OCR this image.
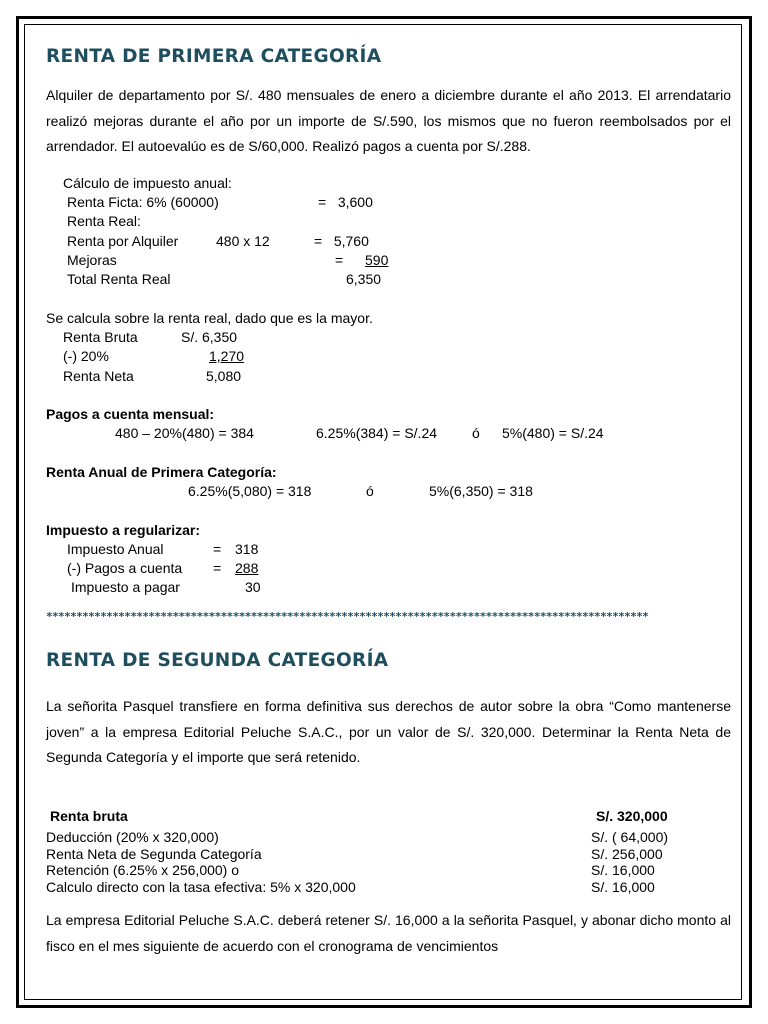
RENTA DE PRIMERA CATEGORÍA
Alquiler de departamento por S/. 480 mensuales de enero a diciembre durante el año 2013. El arrendatario realizó mejoras durante el año por un importe de S/.590, los mismos que no fueron reembolsados por el arrendador. El autoevalúo es de S/60,000. Realizó pagos a cuenta por S/.288.
Cálculo de impuesto anual:
Renta Ficta: 6% (60000)	=   3,600
Renta Real:
Renta por Alquiler	480 x 12	=   5,760
Mejoras	=	590
Total Renta Real	6,350
Se calcula sobre la renta real, dado que es la mayor.
Renta Bruta	S/. 6,350
(-) 20%	1,270
Renta Neta	5,080
Pagos a cuenta mensual:
480 – 20%(480) = 384	6.25%(384) = S/.24 ó 5%(480) = S/.24
Renta Anual de Primera Categoría:
6.25%(5,080) = 318	ó	5%(6,350) = 318
Impuesto a regularizar:
Impuesto Anual	= 318
(-) Pagos a cuenta = 288
Impuesto a pagar	30
****************************************************************************************************
RENTA DE SEGUNDA CATEGORÍA
La señorita Pasquel transfiere en forma definitiva sus derechos de autor sobre la obra “Como mantenerse joven” a la empresa Editorial Peluche S.A.C., por un valor de S/. 320,000. Determinar la Renta Neta de Segunda Categoría y el importe que será retenido.
Renta bruta	S/. 320,000
Deducción (20% x 320,000)	S/. ( 64,000)
Renta Neta de Segunda Categoría	S/. 256,000
Retención (6.25% x 256,000) o	S/. 16,000
Calculo directo con la tasa efectiva: 5% x 320,000	S/. 16,000
La empresa Editorial Peluche S.A.C. deberá retener S/. 16,000 a la señorita Pasquel, y abonar dicho monto al fisco en el mes siguiente de acuerdo con el cronograma de vencimientos
